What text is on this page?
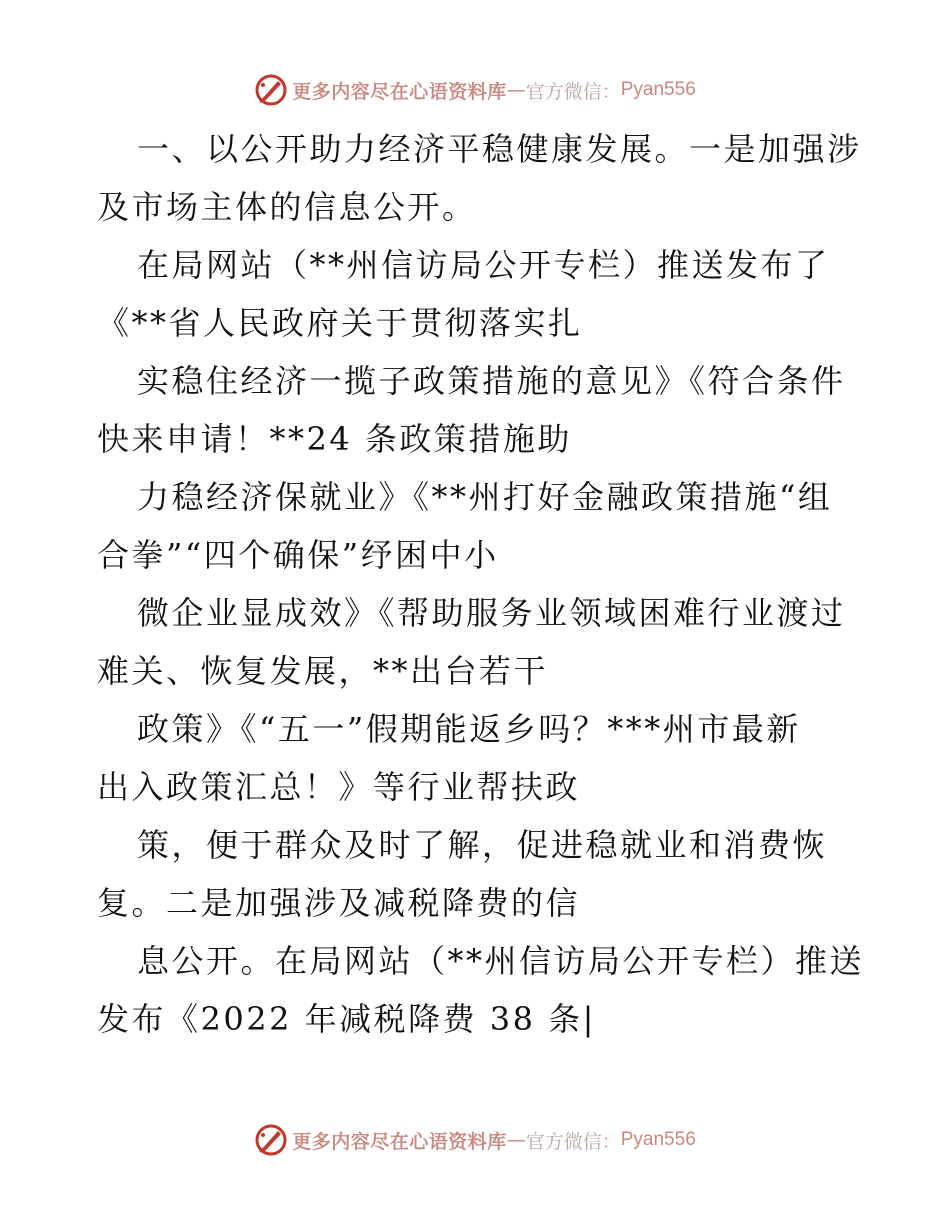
更多内容尽在心语资料库 — 官方微信： Pyan556
一、以公开助力经济平稳健康发展。一是加强涉
及市场主体的信息公开。
在局网站（**州信访局公开专栏）推送发布了
《**省人民政府关于贯彻落实扎
实稳住经济一揽子政策措施的意见》《符合条件
快来申请！**24 条政策措施助
力稳经济保就业》《**州打好金融政策措施“组
合拳”“四个确保”纾困中小
微企业显成效》《帮助服务业领域困难行业渡过
难关、恢复发展，**出台若干
政策》《“五一”假期能返乡吗？***州市最新
出入政策汇总！》等行业帮扶政
策，便于群众及时了解，促进稳就业和消费恢
复。二是加强涉及减税降费的信
息公开。在局网站（**州信访局公开专栏）推送
发布《2022 年减税降费 38 条|
更多内容尽在心语资料库 — 官方微信： Pyan556
